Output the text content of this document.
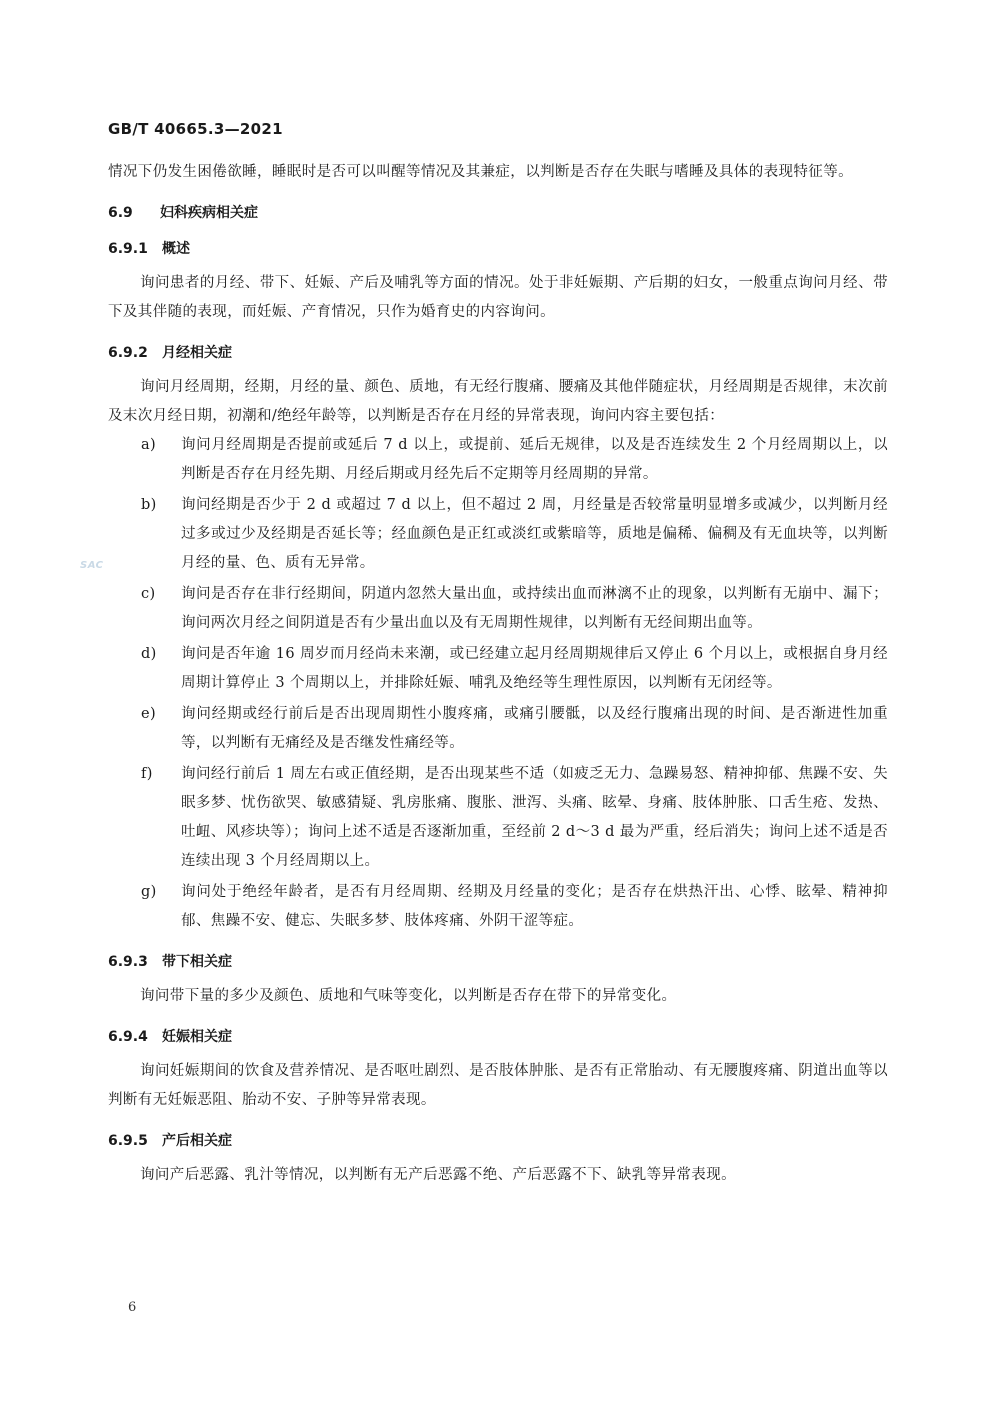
GB/T 40665.3—2021
SAC

情况下仍发生困倦欲睡，睡眠时是否可以叫醒等情况及其兼症，以判断是否存在失眠与嗜睡及具体的表现特征等。

6.9	妇科疾病相关症
6.9.1	概述

询问患者的月经、带下、妊娠、产后及哺乳等方面的情况。处于非妊娠期、产后期的妇女，一般重点询问月经、带下及其伴随的表现，而妊娠、产育情况，只作为婚育史的内容询问。

6.9.2	月经相关症

询问月经周期，经期，月经的量、颜色、质地，有无经行腹痛、腰痛及其他伴随症状，月经周期是否规律，末次前及末次月经日期，初潮和/绝经年龄等，以判断是否存在月经的异常表现，询问内容主要包括：

a)	询问月经周期是否提前或延后 7 d 以上，或提前、延后无规律，以及是否连续发生 2 个月经周期以上，以判断是否存在月经先期、月经后期或月经先后不定期等月经周期的异常。
b)	询问经期是否少于 2 d 或超过 7 d 以上，但不超过 2 周，月经量是否较常量明显增多或减少，以判断月经过多或过少及经期是否延长等；经血颜色是正红或淡红或紫暗等，质地是偏稀、偏稠及有无血块等，以判断月经的量、色、质有无异常。
c)	询问是否存在非行经期间，阴道内忽然大量出血，或持续出血而淋漓不止的现象，以判断有无崩中、漏下；询问两次月经之间阴道是否有少量出血以及有无周期性规律，以判断有无经间期出血等。
d)	询问是否年逾 16 周岁而月经尚未来潮，或已经建立起月经周期规律后又停止 6 个月以上，或根据自身月经周期计算停止 3 个周期以上，并排除妊娠、哺乳及绝经等生理性原因，以判断有无闭经等。
e)	询问经期或经行前后是否出现周期性小腹疼痛，或痛引腰骶，以及经行腹痛出现的时间、是否渐进性加重等，以判断有无痛经及是否继发性痛经等。
f)	询问经行前后 1 周左右或正值经期，是否出现某些不适（如疲乏无力、急躁易怒、精神抑郁、焦躁不安、失眠多梦、忧伤欲哭、敏感猜疑、乳房胀痛、腹胀、泄泻、头痛、眩晕、身痛、肢体肿胀、口舌生疮、发热、吐衄、风疹块等）；询问上述不适是否逐渐加重，至经前 2 d～3 d 最为严重，经后消失；询问上述不适是否连续出现 3 个月经周期以上。
g)	询问处于绝经年龄者，是否有月经周期、经期及月经量的变化；是否存在烘热汗出、心悸、眩晕、精神抑郁、焦躁不安、健忘、失眠多梦、肢体疼痛、外阴干涩等症。
6.9.3	带下相关症

询问带下量的多少及颜色、质地和气味等变化，以判断是否存在带下的异常变化。

6.9.4	妊娠相关症

询问妊娠期间的饮食及营养情况、是否呕吐剧烈、是否肢体肿胀、是否有正常胎动、有无腰腹疼痛、阴道出血等以判断有无妊娠恶阻、胎动不安、子肿等异常表现。

6.9.5	产后相关症

询问产后恶露、乳汁等情况，以判断有无产后恶露不绝、产后恶露不下、缺乳等异常表现。

6
